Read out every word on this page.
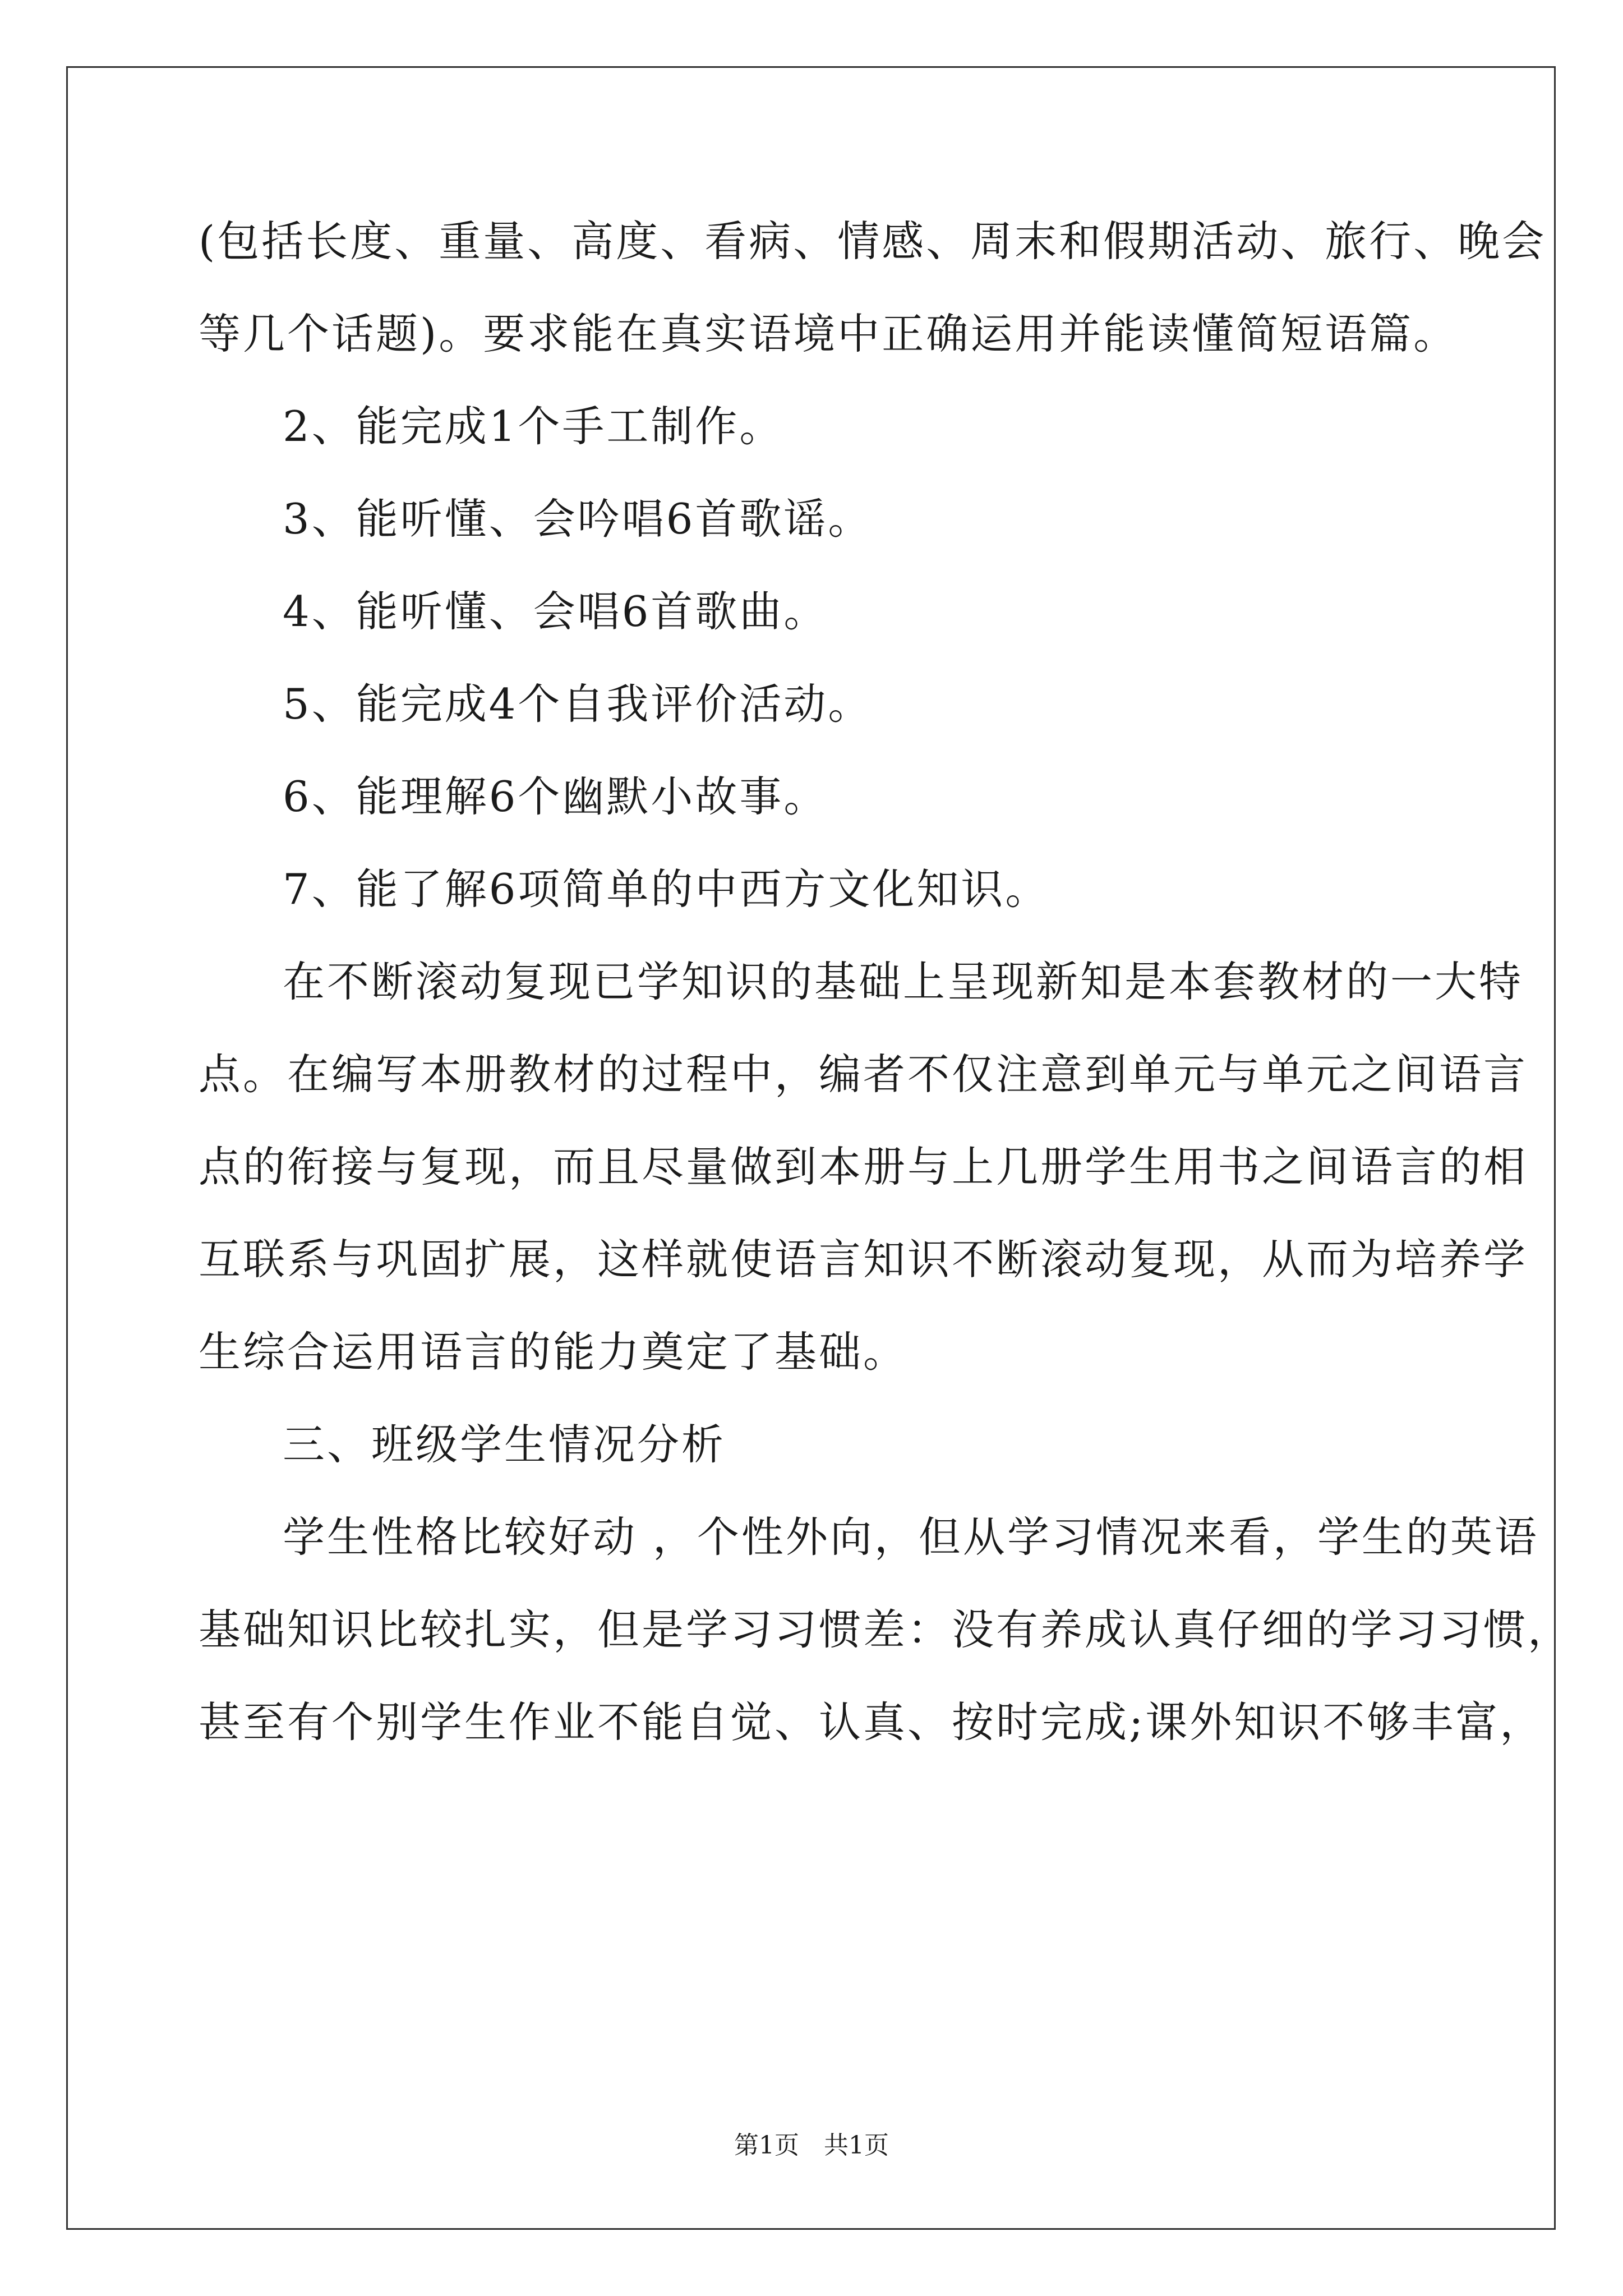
(包括长度、重量、高度、看病、情感、周末和假期活动、旅行、晚会
等几个话题)。要求能在真实语境中正确运用并能读懂简短语篇。
2、能完成1个手工制作。
3、能听懂、会吟唱6首歌谣。
4、能听懂、会唱6首歌曲。
5、能完成4个自我评价活动。
6、能理解6个幽默小故事。
7、能了解6项简单的中西方文化知识。
在不断滚动复现已学知识的基础上呈现新知是本套教材的一大特
点。在编写本册教材的过程中，编者不仅注意到单元与单元之间语言
点的衔接与复现，而且尽量做到本册与上几册学生用书之间语言的相
互联系与巩固扩展，这样就使语言知识不断滚动复现，从而为培养学
生综合运用语言的能力奠定了基础。
三、班级学生情况分析
学生性格比较好动 ，个性外向，但从学习情况来看，学生的英语
基础知识比较扎实，但是学习习惯差：没有养成认真仔细的学习习惯，
甚至有个别学生作业不能自觉、认真、按时完成;课外知识不够丰富，
第1页　共1页
